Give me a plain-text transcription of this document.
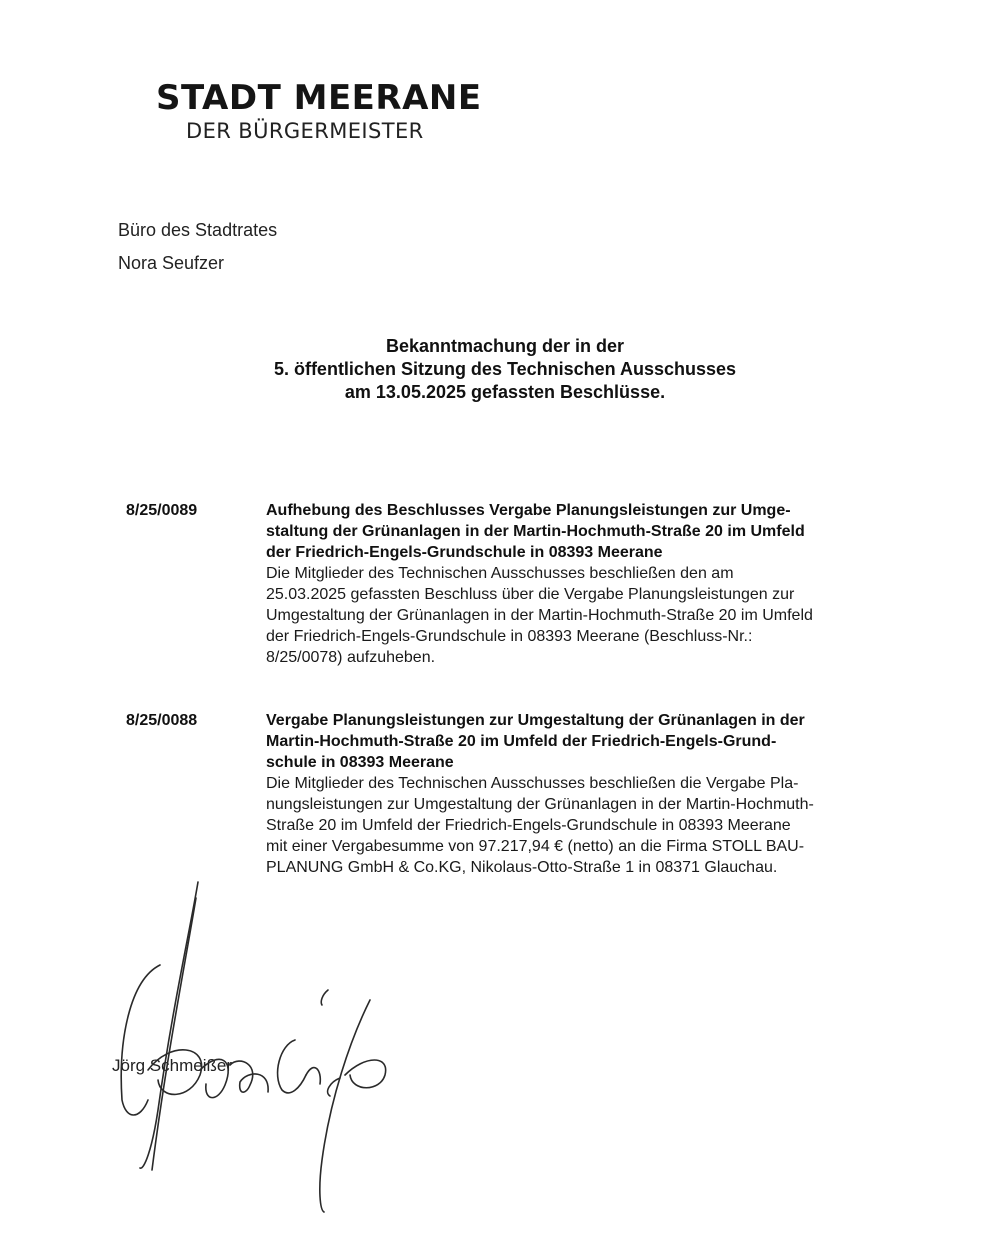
STADT MEERANE
DER BÜRGERMEISTER
Büro des Stadtrates
Nora Seufzer
Bekanntmachung der in der
5. öffentlichen Sitzung des Technischen Ausschusses
am 13.05.2025 gefassten Beschlüsse.
8/25/0089	Aufhebung des Beschlusses Vergabe Planungsleistungen zur Umge-
staltung der Grünanlagen in der Martin-Hochmuth-Straße 20 im Umfeld
der Friedrich-Engels-Grundschule in 08393 Meerane
Die Mitglieder des Technischen Ausschusses beschließen den am
25.03.2025 gefassten Beschluss über die Vergabe Planungsleistungen zur
Umgestaltung der Grünanlagen in der Martin-Hochmuth-Straße 20 im Umfeld
der Friedrich-Engels-Grundschule in 08393 Meerane (Beschluss-Nr.:
8/25/0078) aufzuheben.
8/25/0088	Vergabe Planungsleistungen zur Umgestaltung der Grünanlagen in der
Martin-Hochmuth-Straße 20 im Umfeld der Friedrich-Engels-Grund-
schule in 08393 Meerane
Die Mitglieder des Technischen Ausschusses beschließen die Vergabe Pla-
nungsleistungen zur Umgestaltung der Grünanlagen in der Martin-Hochmuth-
Straße 20 im Umfeld der Friedrich-Engels-Grundschule in 08393 Meerane
mit einer Vergabesumme von 97.217,94 € (netto) an die Firma STOLL BAU-
PLANUNG GmbH & Co.KG, Nikolaus-Otto-Straße 1 in 08371 Glauchau.
Jörg Schmeißer
